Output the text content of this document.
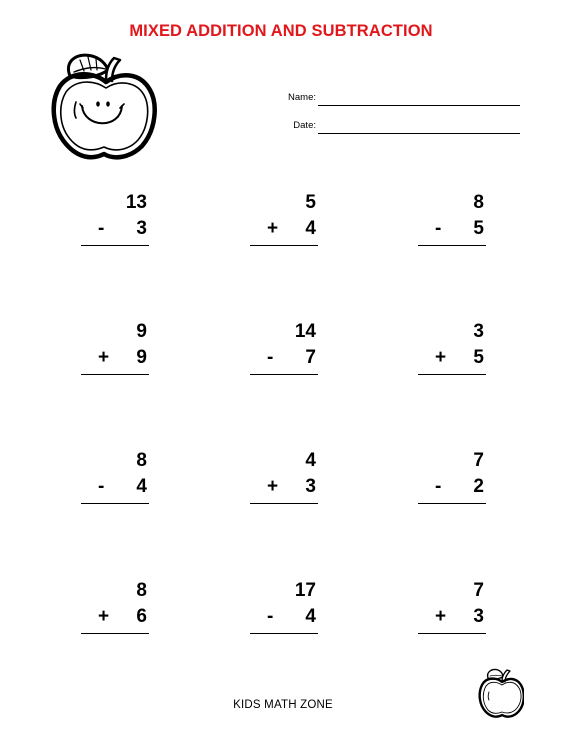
MIXED ADDITION AND SUBTRACTION
Name:
Date:
13
- 3
5
+ 4
8
- 5
9
+ 9
14
- 7
3
+ 5
8
- 4
4
+ 3
7
- 2
8
+ 6
17
- 4
7
+ 3
KIDS MATH ZONE
